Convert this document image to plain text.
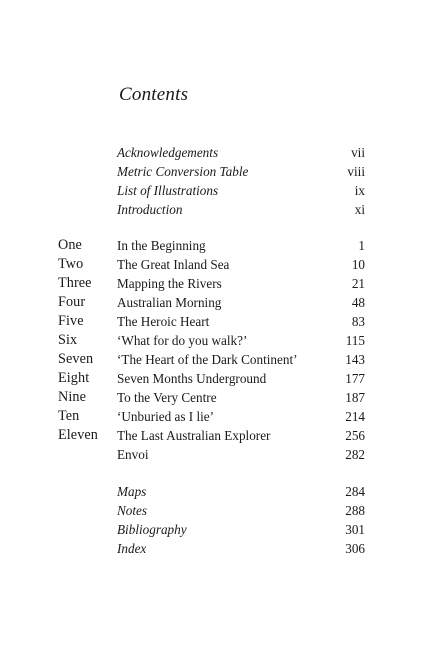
Contents
Acknowledgements	vii
Metric Conversion Table	viii
List of Illustrations	ix
Introduction	xi
One	In the Beginning	1
Two	The Great Inland Sea	10
Three	Mapping the Rivers	21
Four	Australian Morning	48
Five	The Heroic Heart	83
Six	‘What for do you walk?’	115
Seven	‘The Heart of the Dark Continent’	143
Eight	Seven Months Underground	177
Nine	To the Very Centre	187
Ten	‘Unburied as I lie’	214
Eleven	The Last Australian Explorer	256
Envoi	282
Maps	284
Notes	288
Bibliography	301
Index	306
